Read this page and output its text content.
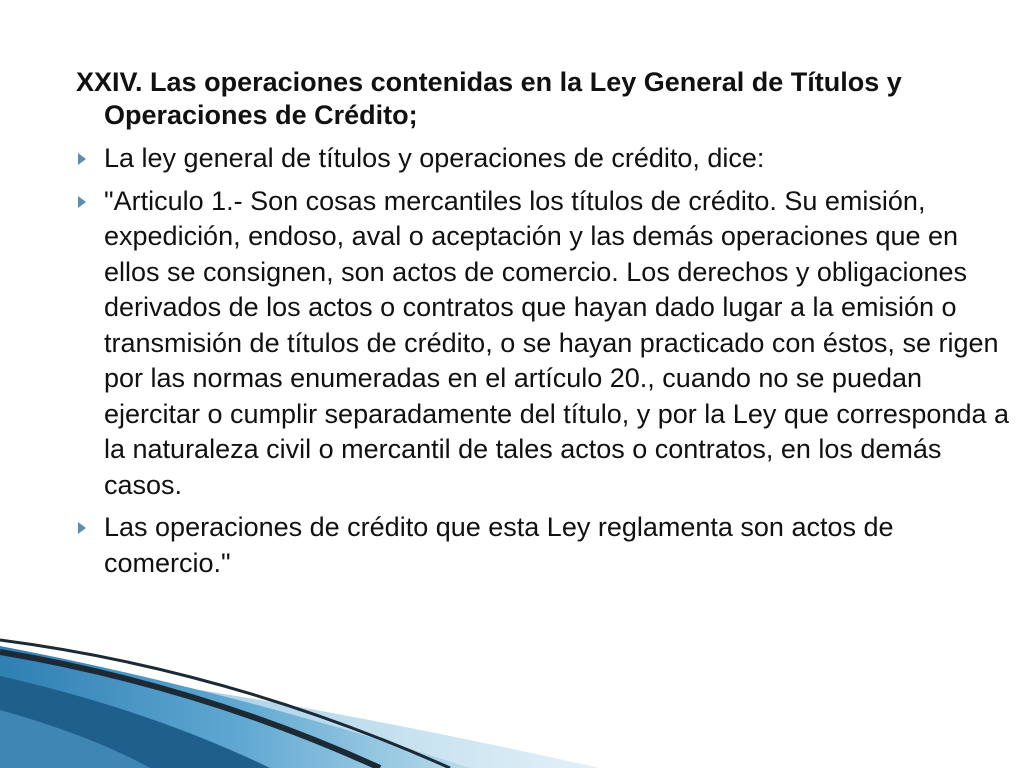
XXIV. Las operaciones contenidas en la Ley General de Títulos y Operaciones de Crédito;

La ley general de títulos y operaciones de crédito, dice:
"Articulo 1.- Son cosas mercantiles los títulos de crédito. Su emisión, expedición, endoso, aval o aceptación y las demás operaciones que en ellos se consignen, son actos de comercio. Los derechos y obligaciones derivados de los actos o contratos que hayan dado lugar a la emisión o transmisión de títulos de crédito, o se hayan practicado con éstos, se rigen por las normas enumeradas en el artículo 20., cuando no se puedan ejercitar o cumplir separadamente del título, y por la Ley que corresponda a la naturaleza civil o mercantil de tales actos o contratos, en los demás casos.
Las operaciones de crédito que esta Ley reglamenta son actos de comercio."
